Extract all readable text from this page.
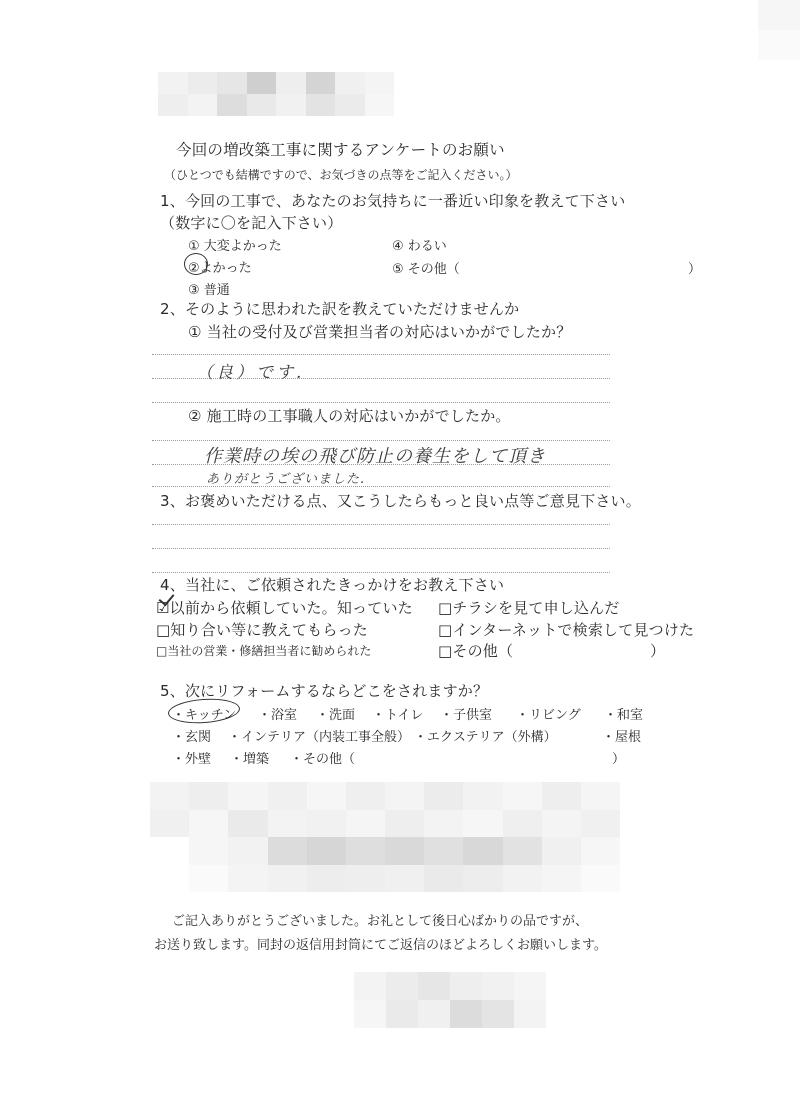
今回の増改築工事に関するアンケートのお願い
（ひとつでも結構ですので、お気づきの点等をご記入ください。）
1、今回の工事で、あなたのお気持ちに一番近い印象を教えて下さい
（数字に〇を記入下さい）
① 大変よかった
②よかった
③ 普通
④ わるい
⑤ その他（	）
2、そのように思われた訳を教えていただけませんか
① 当社の受付及び営業担当者の対応はいかがでしたか？
（良）です.
② 施工時の工事職人の対応はいかがでしたか。
作業時の埃の飛び防止の養生をして頂き
ありがとうございました.
3、お褒めいただける点、又こうしたらもっと良い点等ご意見下さい。
4、当社に、ご依頼されたきっかけをお教え下さい
☑以前から依頼していた。知っていた □チラシを見て申し込んだ
□知り合い等に教えてもらった	□インターネットで検索して見つけた
□当社の営業・修繕担当者に勧められた	□その他（	）
5、次にリフォームするならどこをされますか？
・キッチン ・浴室 ・洗面 ・トイレ ・子供室 ・リビング ・和室
・玄関 ・インテリア（内装工事全般） ・エクステリア（外構）	・屋根
・外壁 ・増築 ・その他（	）
ご記入ありがとうございました。お礼として後日心ばかりの品ですが、
お送り致します。同封の返信用封筒にてご返信のほどよろしくお願いします。
